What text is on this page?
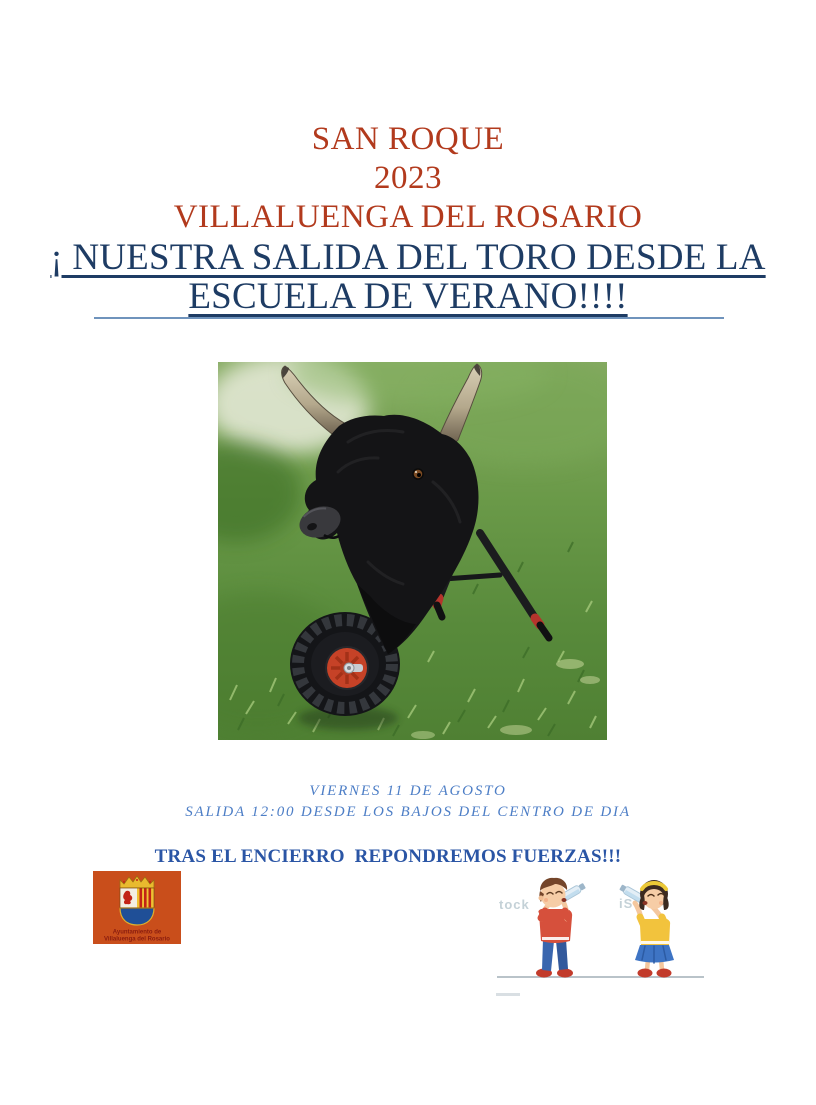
SAN ROQUE
2023
VILLALUENGA DEL ROSARIO
¡ NUESTRA SALIDA DEL TORO DESDE LA
ESCUELA DE VERANO!!!!
VIERNES 11 DE AGOSTO
SALIDA 12:00 DESDE LOS BAJOS DEL CENTRO DE DIA
TRAS EL ENCIERRO  REPONDREMOS FUERZAS!!!
Ayuntamiento de
Villaluenga del Rosario
tock	iS
